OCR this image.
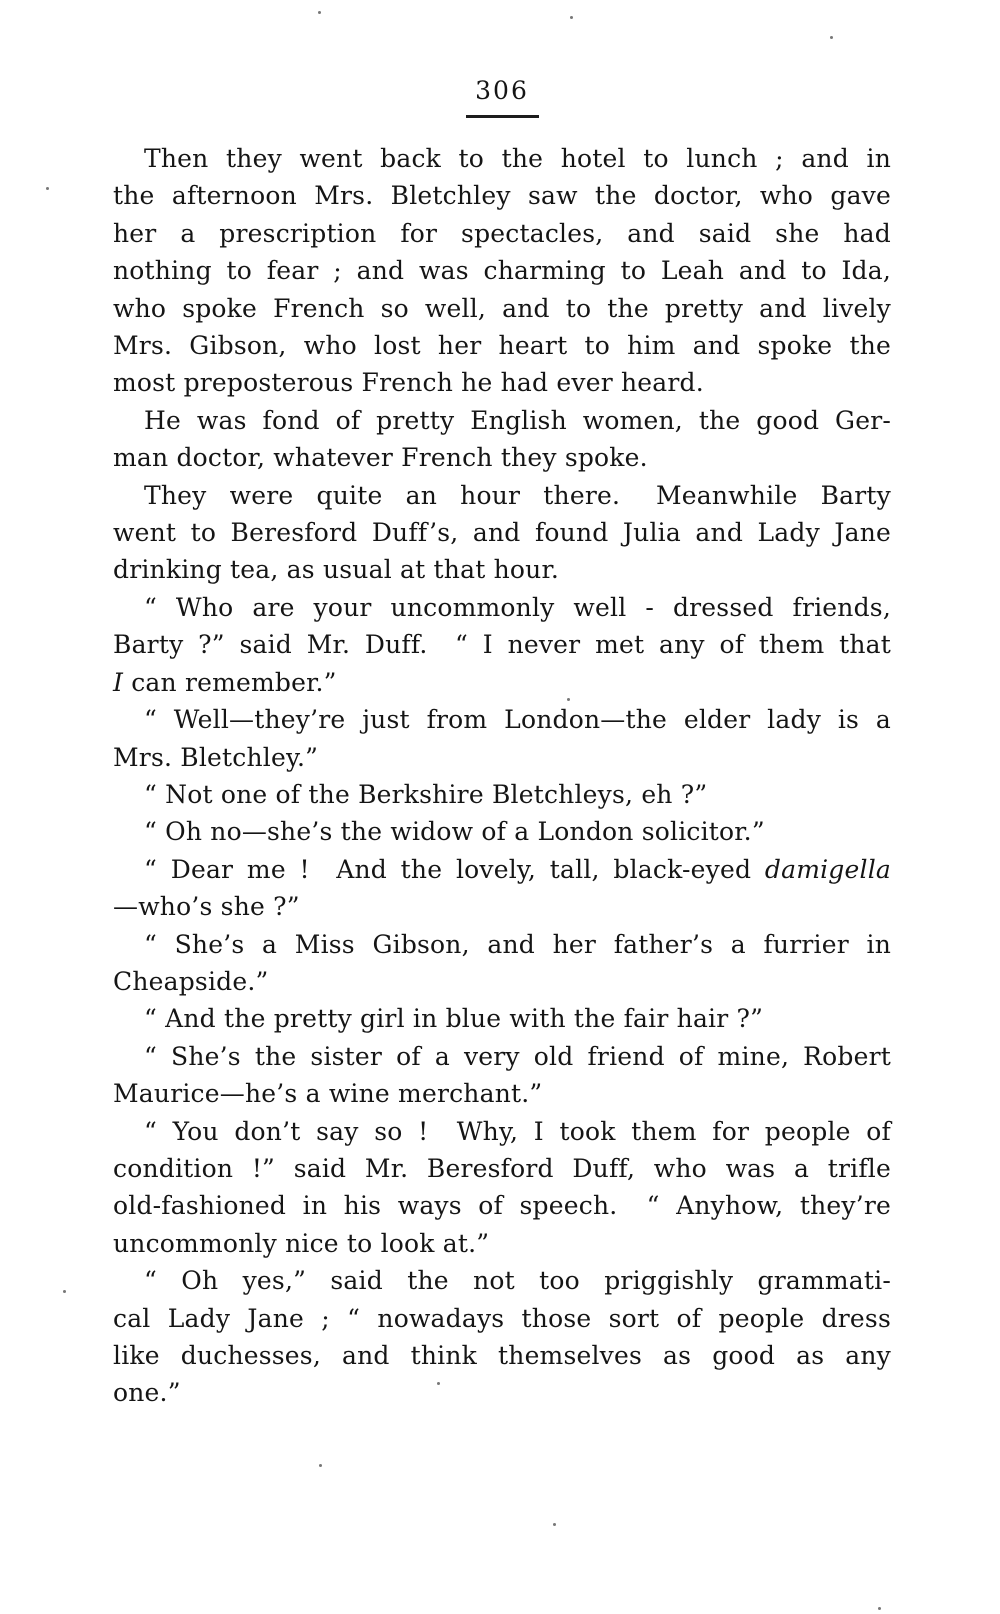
306
Then they went back to the hotel to lunch ; and in
the afternoon Mrs. Bletchley saw the doctor, who gave
her a prescription for spectacles, and said she had
nothing to fear ; and was charming to Leah and to Ida,
who spoke French so well, and to the pretty and lively
Mrs. Gibson, who lost her heart to him and spoke the
most preposterous French he had ever heard.
He was fond of pretty English women, the good Ger-
man doctor, whatever French they spoke.
They were quite an hour there.  Meanwhile Barty
went to Beresford Duff’s, and found Julia and Lady Jane
drinking tea, as usual at that hour.
“ Who are your uncommonly well - dressed friends,
Barty ?” said Mr. Duff.  “ I never met any of them that
I can remember.”
“ Well—they’re just from London—the elder lady is a
Mrs. Bletchley.”
“ Not one of the Berkshire Bletchleys, eh ?”
“ Oh no—she’s the widow of a London solicitor.”
“ Dear me !  And the lovely, tall, black-eyed damigella
—who’s she ?”
“ She’s a Miss Gibson, and her father’s a furrier in
Cheapside.”
“ And the pretty girl in blue with the fair hair ?”
“ She’s the sister of a very old friend of mine, Robert
Maurice—he’s a wine merchant.”
“ You don’t say so !  Why, I took them for people of
condition !” said Mr. Beresford Duff, who was a trifle
old-fashioned in his ways of speech.  “ Anyhow, they’re
uncommonly nice to look at.”
“ Oh yes,” said the not too priggishly grammati-
cal Lady Jane ; “ nowadays those sort of people dress
like duchesses, and think themselves as good as any
one.”
